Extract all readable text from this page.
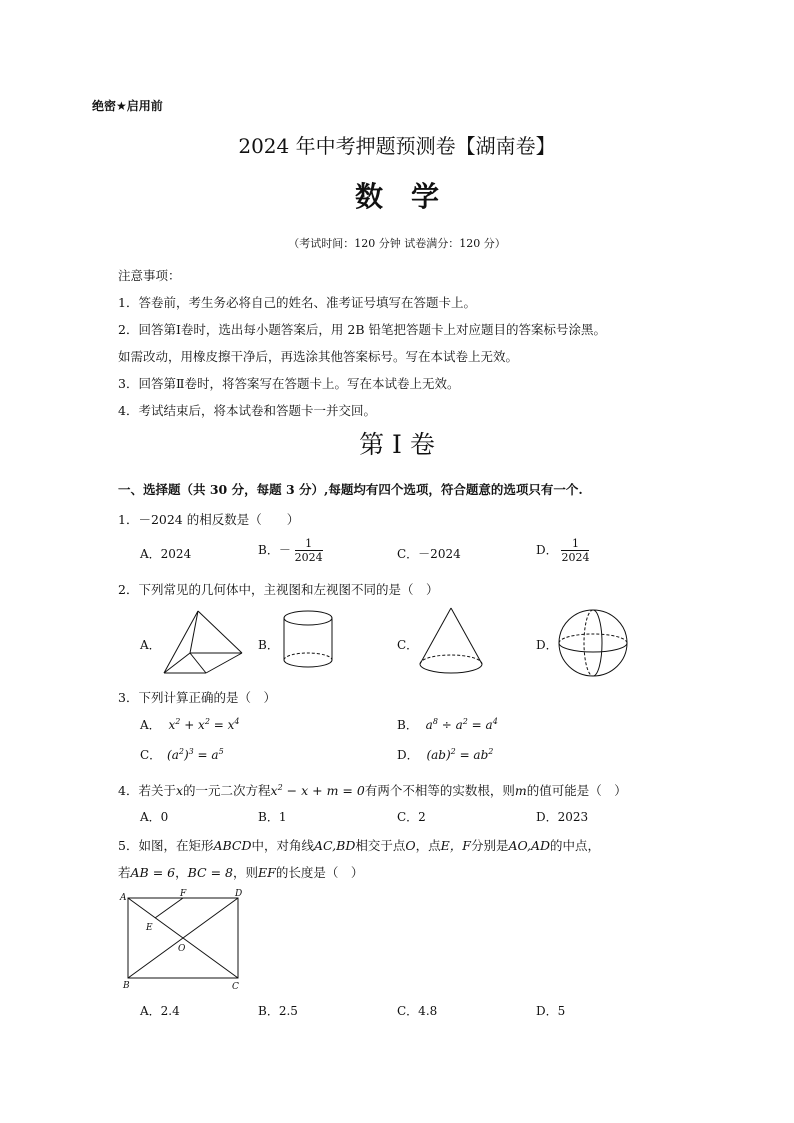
绝密★启用前
2024 年中考押题预测卷【湖南卷】
数学
（考试时间：120 分钟 试卷满分：120 分）
注意事项：
1．答卷前，考生务必将自己的姓名、准考证号填写在答题卡上。
2．回答第Ⅰ卷时，选出每小题答案后，用 2B 铅笔把答题卡上对应题目的答案标号涂黑。
如需改动，用橡皮擦干净后，再选涂其他答案标号。写在本试卷上无效。
3．回答第Ⅱ卷时，将答案写在答题卡上。写在本试卷上无效。
4．考试结束后，将本试卷和答题卡一并交回。
第 I 卷
一、选择题（共 30 分，每题 3 分）,每题均有四个选项，符合题意的选项只有一个.
1．－2024 的相反数是（　　）
A．2024	B．－ $\frac{1}{2024}$	C．－2024	D． $\frac{1}{2024}$
2．下列常见的几何体中，主视图和左视图不同的是（　）
A．	B．	C．	D．
3．下列计算正确的是（　）
A． $x^2 + x^2 = x^4$	B． $a^8 \div a^2 = a^4$
C． $(a^2)^3 = a^5$	D． $(ab)^2 = ab^2$
4．若关于x的一元二次方程$x^2 - x + m = 0$有两个不相等的实数根，则m的值可能是（　）
A．0	B．1	C．2	D．2023
5．如图，在矩形ABCD中，对角线AC,BD相交于点O，点E，F分别是AO,AD的中点，
若AB = 6，BC = 8，则EF的长度是（　）
A	F	D
E
O
B	C
A．2.4	B．2.5	C．4.8	D．5
